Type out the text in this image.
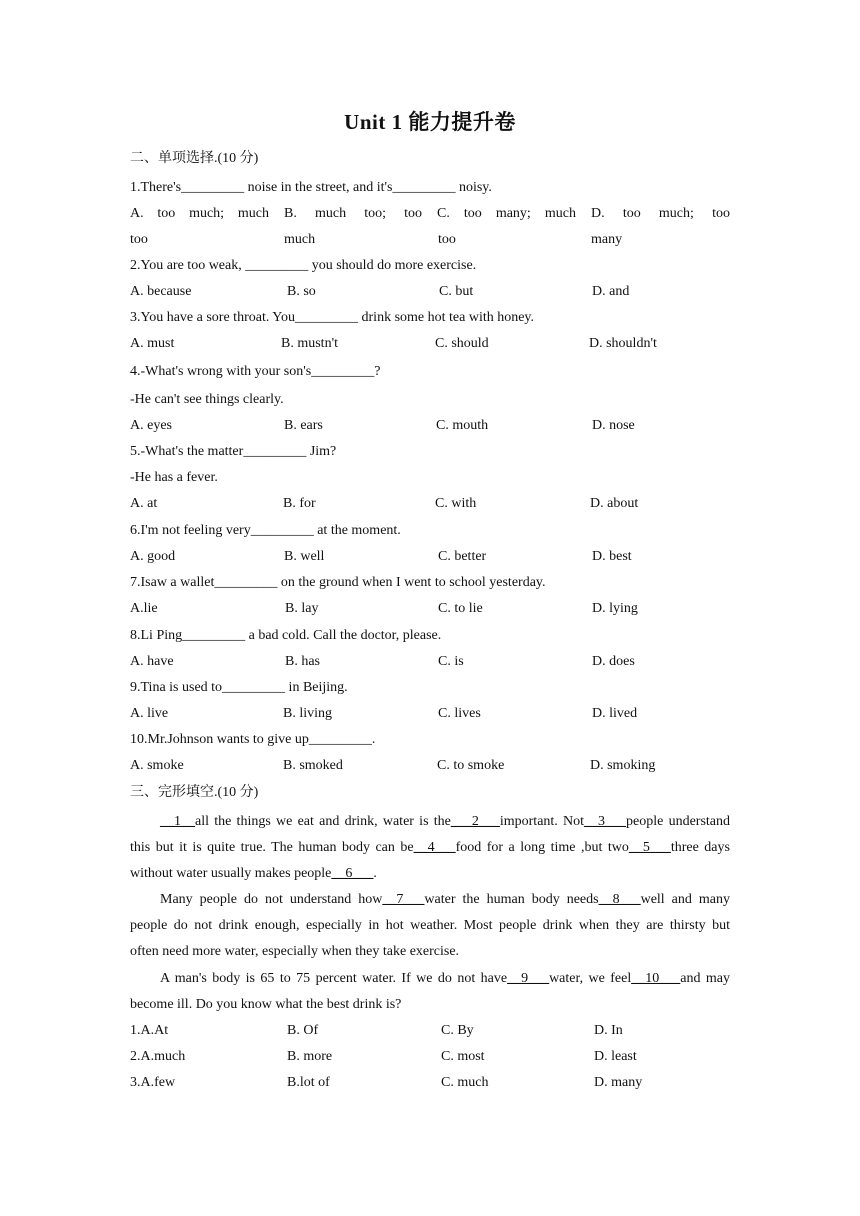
Unit 1 能力提升卷
二、单项选择.(10 分)
1.There's_________ noise in the street, and it's_________ noisy.
A. too much; much B. much too; too C. too many; much D. too much; too
too	much	too	many
2.You are too weak, _________ you should do more exercise.
A. because	B. so	C. but	D. and
3.You have a sore throat. You_________ drink some hot tea with honey.
A. must	B. mustn't	C. should	D. shouldn't
4.-What's wrong with your son's_________?
-He can't see things clearly.
A. eyes	B. ears	C. mouth	D. nose
5.-What's the matter_________ Jim?
-He has a fever.
A. at	B. for	C. with	D. about
6.I'm not feeling very_________ at the moment.
A. good	B. well	C. better	D. best
7.Isaw a wallet_________ on the ground when I went to school yesterday.
A.lie	B. lay	C. to lie	D. lying
8.Li Ping_________ a bad cold. Call the doctor, please.
A. have	B. has	C. is	D. does
9.Tina is used to_________ in Beijing.
A. live	B. living	C. lives	D. lived
10.Mr.Johnson wants to give up_________.
A. smoke	B. smoked	C. to smoke	D. smoking
三、完形填空.(10 分)
__1__all the things we eat and drink, water is the___2___important. Not__3___people understand
this but it is quite true. The human body can be__4___food for a long time ,but two__5___three days
without water usually makes people__6___.
Many people do not understand how__7___water the human body needs__8___well and many
people do not drink enough, especially in hot weather. Most people drink when they are thirsty but
often need more water, especially when they take exercise.
A man's body is 65 to 75 percent water. If we do not have__9___water, we feel__10___and may
become ill. Do you know what the best drink is?
1.A.At	B. Of	C. By	D. In
2.A.much	B. more	C. most	D. least
3.A.few	B.lot of	C. much	D. many
